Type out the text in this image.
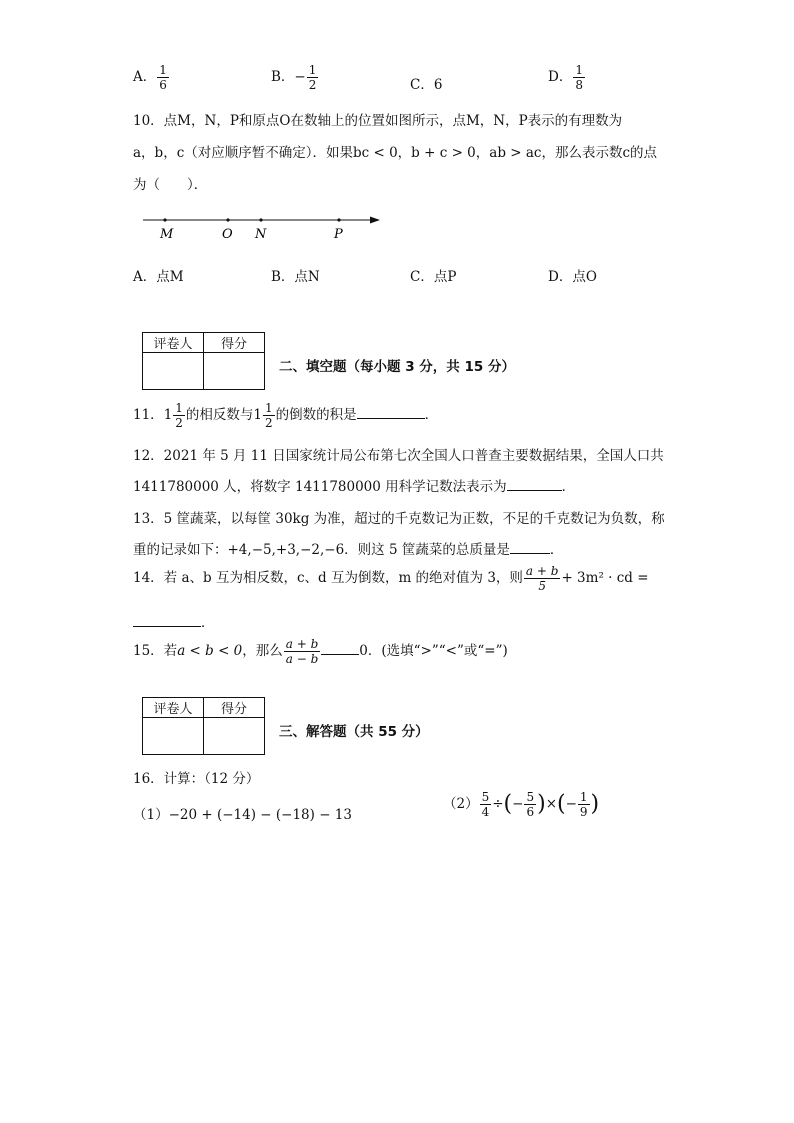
A． $\frac{1}{6}$	B．− $\frac{1}{2}$	C．6	D． $\frac{1}{8}$
10．点M，N，P和原点O在数轴上的位置如图所示，点M，N，P表示的有理数为
a，b，c（对应顺序暂不确定）．如果bc < 0，b + c > 0，ab > ac，那么表示数c的点
为（　　）．
M	O N	P
A．点M	B．点N	C．点P	D．点O
评卷人	得分

二、填空题（每小题 3 分，共 15 分）
11．$1 \frac{1}{2}$ 的相反数与$1 \frac{1}{2}$ 的倒数的积是	．
12．2021 年 5 月 11 日国家统计局公布第七次全国人口普查主要数据结果，全国人口共
1411780000 人，将数字 1411780000 用科学记数法表示为	．
13．5 筐蔬菜，以每筐 30kg 为准，超过的千克数记为正数，不足的千克数记为负数，称
重的记录如下：+4,−5,+3,−2,−6．则这 5 筐蔬菜的总质量是	．
14．若 a、b 互为相反数，c、d 互为倒数，m 的绝对值为 3，则 $\frac{a + b}{5} + 3m^2$ · cd =
．
15．若a < b < 0，那么 $\frac{a + b}{a - b}$	0．(选填“>”“<”或“=”)
评卷人	得分

三、解答题（共 55 分）
16．计算：（12 分）
（1）−20 + (−14) − (−18) − 13
$(2) \frac{5}{4}$ ÷(− $\frac{5}{6}$ )×(− $\frac{1}{9}$ )
